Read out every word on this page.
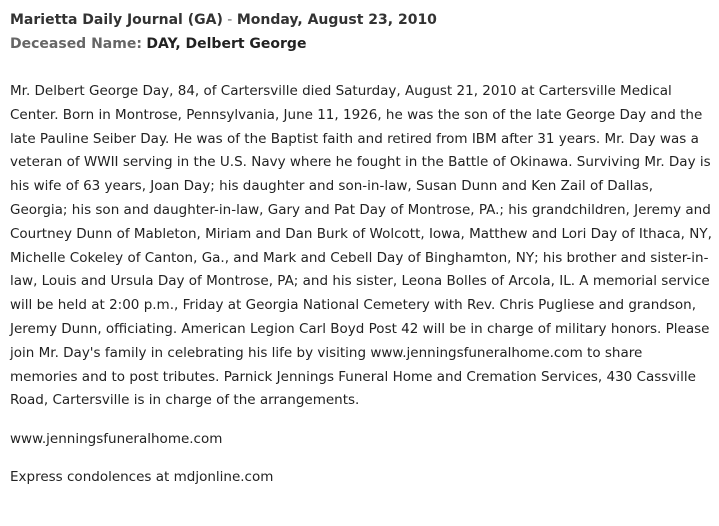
Marietta Daily Journal (GA) - Monday, August 23, 2010
Deceased Name: DAY, Delbert George
Mr. Delbert George Day, 84, of Cartersville died Saturday, August 21, 2010 at Cartersville Medical Center. Born in Montrose, Pennsylvania, June 11, 1926, he was the son of the late George Day and the late Pauline Seiber Day. He was of the Baptist faith and retired from IBM after 31 years. Mr. Day was a veteran of WWII serving in the U.S. Navy where he fought in the Battle of Okinawa. Surviving Mr. Day is his wife of 63 years, Joan Day; his daughter and son-in-law, Susan Dunn and Ken Zail of Dallas, Georgia; his son and daughter-in-law, Gary and Pat Day of Montrose, PA.; his grandchildren, Jeremy and Courtney Dunn of Mableton, Miriam and Dan Burk of Wolcott, Iowa, Matthew and Lori Day of Ithaca, NY, Michelle Cokeley of Canton, Ga., and Mark and Cebell Day of Binghamton, NY; his brother and sister-in-law, Louis and Ursula Day of Montrose, PA; and his sister, Leona Bolles of Arcola, IL. A memorial service will be held at 2:00 p.m., Friday at Georgia National Cemetery with Rev. Chris Pugliese and grandson, Jeremy Dunn, officiating. American Legion Carl Boyd Post 42 will be in charge of military honors. Please join Mr. Day's family in celebrating his life by visiting www.jenningsfuneralhome.com to share memories and to post tributes. Parnick Jennings Funeral Home and Cremation Services, 430 Cassville Road, Cartersville is in charge of the arrangements.
www.jenningsfuneralhome.com
Express condolences at mdjonline.com
